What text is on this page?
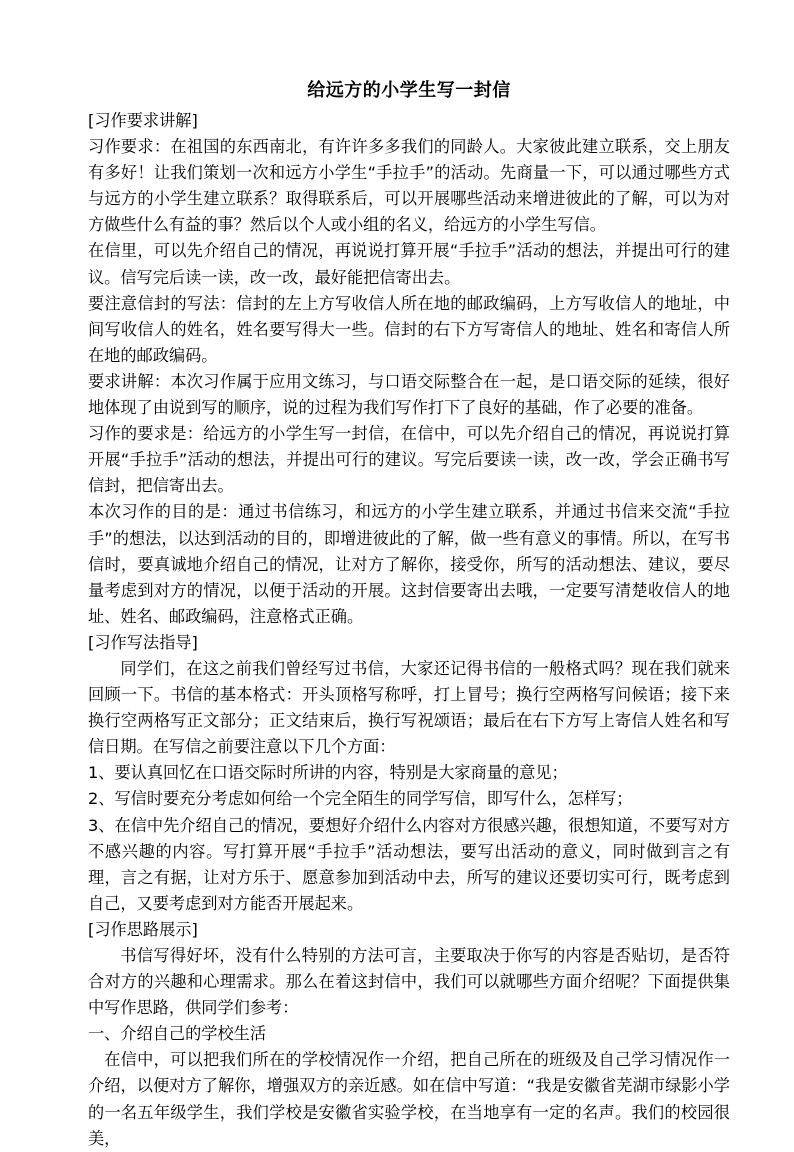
给远方的小学生写一封信

[习作要求讲解]

习作要求：在祖国的东西南北，有许许多多我们的同龄人。大家彼此建立联系，交上朋友有多好！让我们策划一次和远方小学生“手拉手”的活动。先商量一下，可以通过哪些方式与远方的小学生建立联系？取得联系后，可以开展哪些活动来增进彼此的了解，可以为对方做些什么有益的事？然后以个人或小组的名义，给远方的小学生写信。

在信里，可以先介绍自己的情况，再说说打算开展“手拉手”活动的想法，并提出可行的建议。信写完后读一读，改一改，最好能把信寄出去。

要注意信封的写法：信封的左上方写收信人所在地的邮政编码，上方写收信人的地址，中间写收信人的姓名，姓名要写得大一些。信封的右下方写寄信人的地址、姓名和寄信人所在地的邮政编码。

要求讲解：本次习作属于应用文练习，与口语交际整合在一起，是口语交际的延续，很好地体现了由说到写的顺序，说的过程为我们写作打下了良好的基础，作了必要的准备。

习作的要求是：给远方的小学生写一封信，在信中，可以先介绍自己的情况，再说说打算开展“手拉手”活动的想法，并提出可行的建议。写完后要读一读，改一改，学会正确书写信封，把信寄出去。

本次习作的目的是：通过书信练习，和远方的小学生建立联系，并通过书信来交流“手拉手”的想法，以达到活动的目的，即增进彼此的了解，做一些有意义的事情。所以，在写书信时，要真诚地介绍自己的情况，让对方了解你，接受你，所写的活动想法、建议，要尽量考虑到对方的情况，以便于活动的开展。这封信要寄出去哦，一定要写清楚收信人的地址、姓名、邮政编码，注意格式正确。

[习作写法指导]

同学们，在这之前我们曾经写过书信，大家还记得书信的一般格式吗？现在我们就来回顾一下。书信的基本格式：开头顶格写称呼，打上冒号；换行空两格写问候语；接下来换行空两格写正文部分；正文结束后，换行写祝颂语；最后在右下方写上寄信人姓名和写信日期。在写信之前要注意以下几个方面：

1、要认真回忆在口语交际时所讲的内容，特别是大家商量的意见；

2、写信时要充分考虑如何给一个完全陌生的同学写信，即写什么，怎样写；

3、在信中先介绍自己的情况，要想好介绍什么内容对方很感兴趣，很想知道，不要写对方不感兴趣的内容。写打算开展“手拉手”活动想法，要写出活动的意义，同时做到言之有理，言之有据，让对方乐于、愿意参加到活动中去，所写的建议还要切实可行，既考虑到自己，又要考虑到对方能否开展起来。

[习作思路展示]

书信写得好坏，没有什么特别的方法可言，主要取决于你写的内容是否贴切，是否符合对方的兴趣和心理需求。那么在着这封信中，我们可以就哪些方面介绍呢？下面提供集中写作思路，供同学们参考：

一、介绍自己的学校生活

在信中，可以把我们所在的学校情况作一介绍，把自己所在的班级及自己学习情况作一介绍，以便对方了解你，增强双方的亲近感。如在信中写道：“我是安徽省芜湖市绿影小学的一名五年级学生，我们学校是安徽省实验学校，在当地享有一定的名声。我们的校园很美，
